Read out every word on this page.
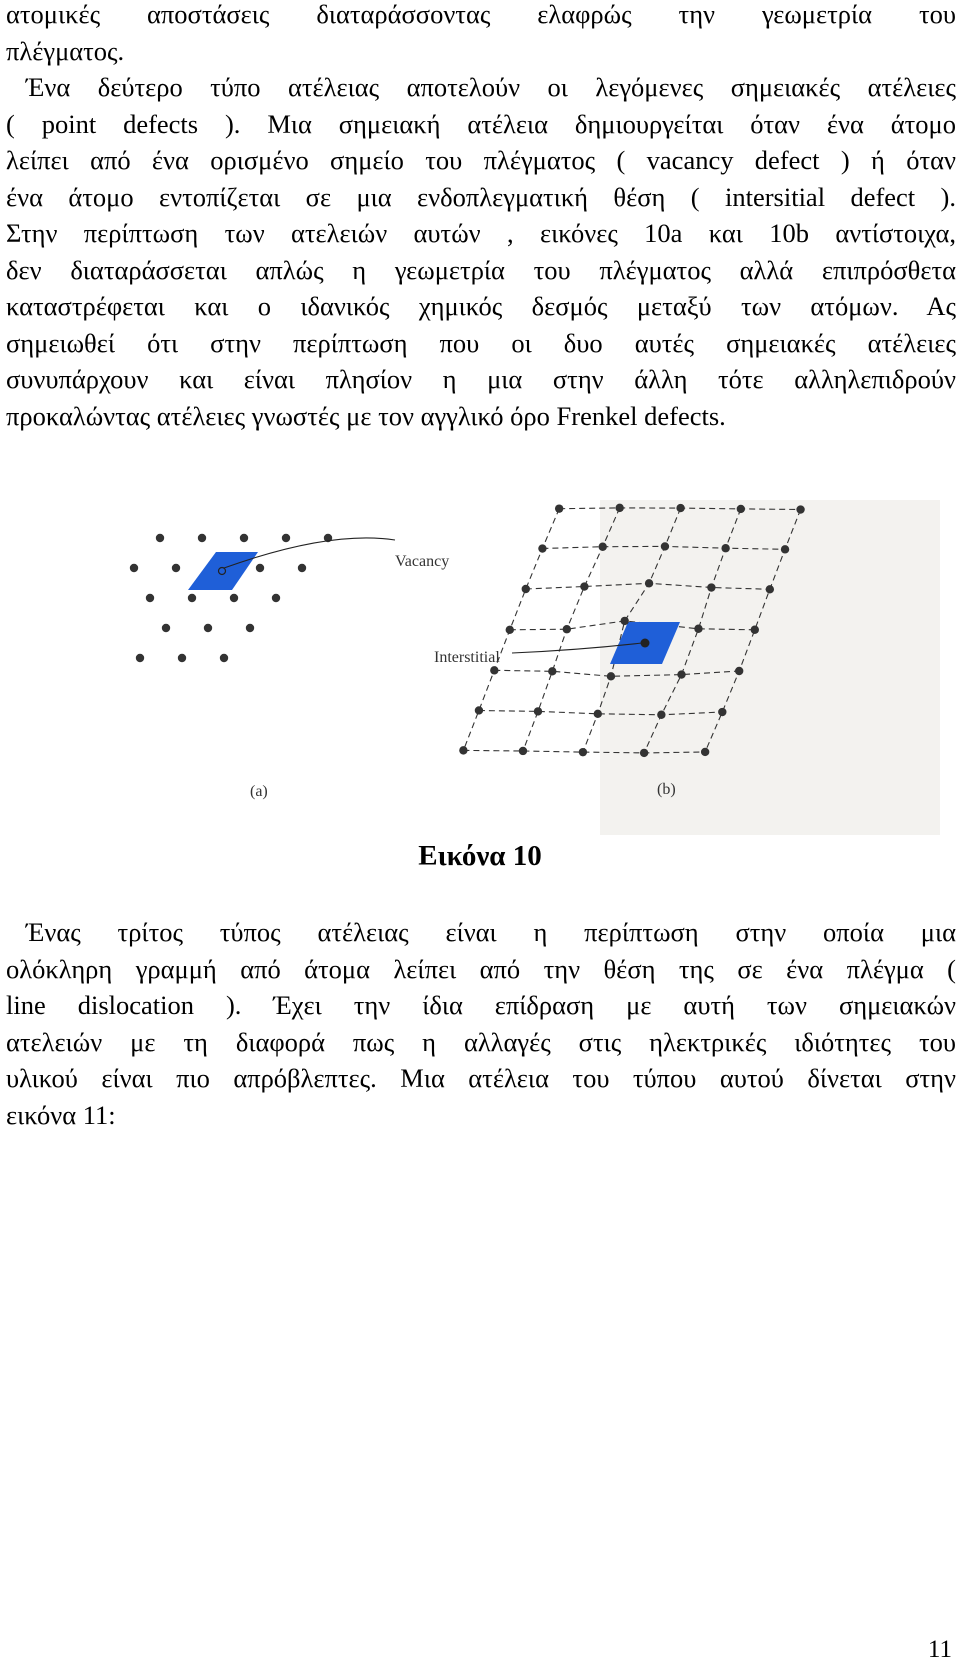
ατομικές αποστάσεις διαταράσσοντας ελαφρώς την γεωμετρία του
πλέγματος.
Ένα δεύτερο τύπο ατέλειας αποτελούν οι λεγόμενες σημειακές ατέλειες
( point defects ). Μια σημειακή ατέλεια δημιουργείται όταν ένα άτομο
λείπει από ένα ορισμένο σημείο του πλέγματος ( vacancy defect ) ή όταν
ένα άτομο εντοπίζεται σε μια ενδοπλεγματική θέση ( intersitial defect ).
Στην περίπτωση των ατελειών αυτών , εικόνες 10a και 10b αντίστοιχα,
δεν διαταράσσεται απλώς η γεωμετρία του πλέγματος αλλά επιπρόσθετα
καταστρέφεται και ο ιδανικός χημικός δεσμός μεταξύ των ατόμων. Ας
σημειωθεί ότι στην περίπτωση που οι δυο αυτές σημειακές ατέλειες
συνυπάρχουν και είναι πλησίον η μια στην άλλη τότε αλληλεπιδρούν
προκαλώντας ατέλειες γνωστές με τον αγγλικό όρο Frenkel defects.
Vacancy
Interstitial
(a)	(b)
Εικόνα 10
Ένας τρίτος τύπος ατέλειας είναι η περίπτωση στην οποία μια
ολόκληρη γραμμή από άτομα λείπει από την θέση της σε ένα πλέγμα (
line dislocation ). Έχει την ίδια επίδραση με αυτή των σημειακών
ατελειών με τη διαφορά πως η αλλαγές στις ηλεκτρικές ιδιότητες του
υλικού είναι πιο απρόβλεπτες. Μια ατέλεια του τύπου αυτού δίνεται στην
εικόνα 11:
11
